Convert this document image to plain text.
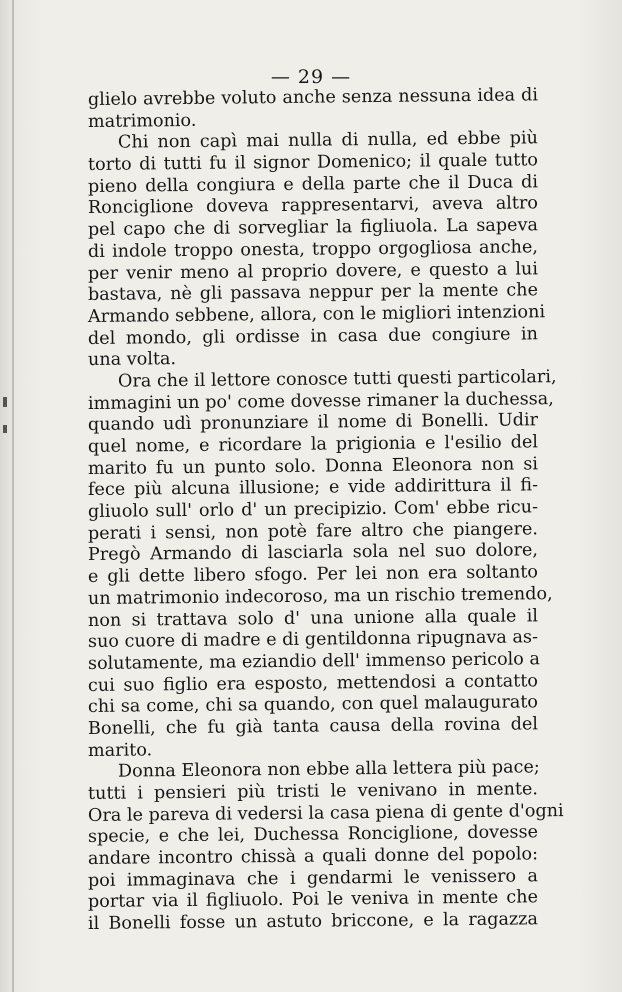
— 29 —
glielo avrebbe voluto anche senza nessuna idea di
matrimonio.
Chi non capì mai nulla di nulla, ed ebbe più
torto di tutti fu il signor Domenico; il quale tutto
pieno della congiura e della parte che il Duca di
Ronciglione doveva rappresentarvi, aveva altro
pel capo che di sorvegliar la figliuola. La sapeva
di indole troppo onesta, troppo orgogliosa anche,
per venir meno al proprio dovere, e questo a lui
bastava, nè gli passava neppur per la mente che
Armando sebbene, allora, con le migliori intenzioni
del mondo, gli ordisse in casa due congiure in
una volta.
Ora che il lettore conosce tutti questi particolari,
immagini un po' come dovesse rimaner la duchessa,
quando udì pronunziare il nome di Bonelli. Udir
quel nome, e ricordare la prigionia e l'esilio del
marito fu un punto solo. Donna Eleonora non si
fece più alcuna illusione; e vide addirittura il fi-
gliuolo sull' orlo d' un precipizio. Com' ebbe ricu-
perati i sensi, non potè fare altro che piangere.
Pregò Armando di lasciarla sola nel suo dolore,
e gli dette libero sfogo. Per lei non era soltanto
un matrimonio indecoroso, ma un rischio tremendo,
non si trattava solo d' una unione alla quale il
suo cuore di madre e di gentildonna ripugnava as-
solutamente, ma eziandio dell' immenso pericolo a
cui suo figlio era esposto, mettendosi a contatto
chi sa come, chi sa quando, con quel malaugurato
Bonelli, che fu già tanta causa della rovina del
marito.
Donna Eleonora non ebbe alla lettera più pace;
tutti i pensieri più tristi le venivano in mente.
Ora le pareva di vedersi la casa piena di gente d'ogni
specie, e che lei, Duchessa Ronciglione, dovesse
andare incontro chissà a quali donne del popolo:
poi immaginava che i gendarmi le venissero a
portar via il figliuolo. Poi le veniva in mente che
il Bonelli fosse un astuto briccone, e la ragazza
